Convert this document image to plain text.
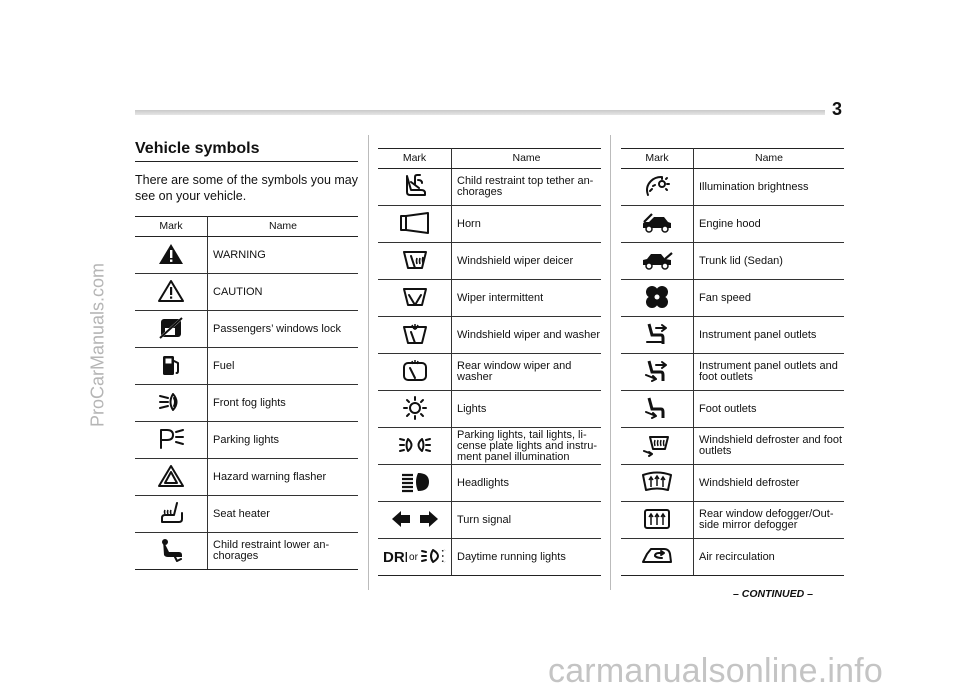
3
ProCarManuals.com
carmanualsonline.info
Vehicle symbols

There are some of the symbols you may see on your vehicle.

Mark	Name
	WARNING
	CAUTION
	Passengers’ windows lock
	Fuel
	Front fog lights
	Parking lights
	Hazard warning flasher
	Seat heater
	Child restraint lower an-
chorages
Mark	Name
	Child restraint top tether an-
chorages
	Horn
	Windshield wiper deicer
	Wiper intermittent
	Windshield wiper and washer
	Rear window wiper and
washer
	Lights
	Parking lights, tail lights, li-
cense plate lights and instru-
ment panel illumination
	Headlights
	Turn signal

DR or	Daytime running lights
Mark	Name
	Illumination brightness
	Engine hood
	Trunk lid (Sedan)
	Fan speed
	Instrument panel outlets
	Instrument panel outlets and
foot outlets
	Foot outlets
	Windshield defroster and foot
outlets
	Windshield defroster
	Rear window defogger/Out-
side mirror defogger
	Air recirculation
– CONTINUED –
